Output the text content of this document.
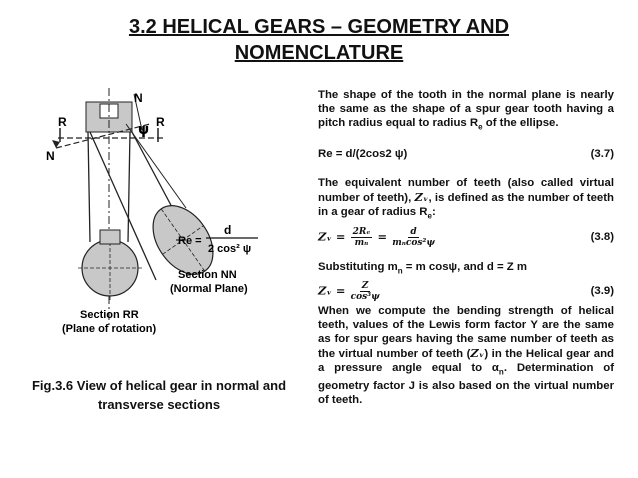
3.2 HELICAL GEARS – GEOMETRY AND
NOMENCLATURE
N
N
R	R
ψ
Re =
d
2 cos² ψ
Section NN
(Normal Plane)
Section RR
(Plane of rotation)
Fig.3.6 View of helical gear in normal and
transverse sections

The shape of the tooth in the normal plane is nearly the same as the shape of a spur gear tooth having a pitch radius equal to radius $R_e$ of the ellipse.

Re = d/(2cos2 ψ)	(3.7)

The equivalent number of teeth (also called virtual number of teeth), Zᵥ, is defined as the number of teeth in a gear of radius $R_e$:

Zᵥ = $\frac{\text{2Rₑ}}{\text{mₙ}} = \frac{d}{\text{mₙcos²ψ}}$	(3.8)

Substituting $m_n = m$ cosψ, and d = Z m

Zᵥ = $\frac{Z}{\text{cos³ψ}}$	(3.9)

When we compute the bending strength of helical teeth, values of the Lewis form factor Y are the same as for spur gears having the same number of teeth as the virtual number of teeth (Zᵥ) in the Helical gear and a pressure angle equal to $\alpha_n$. Determination of geometry factor J is also based on the virtual number of teeth.
